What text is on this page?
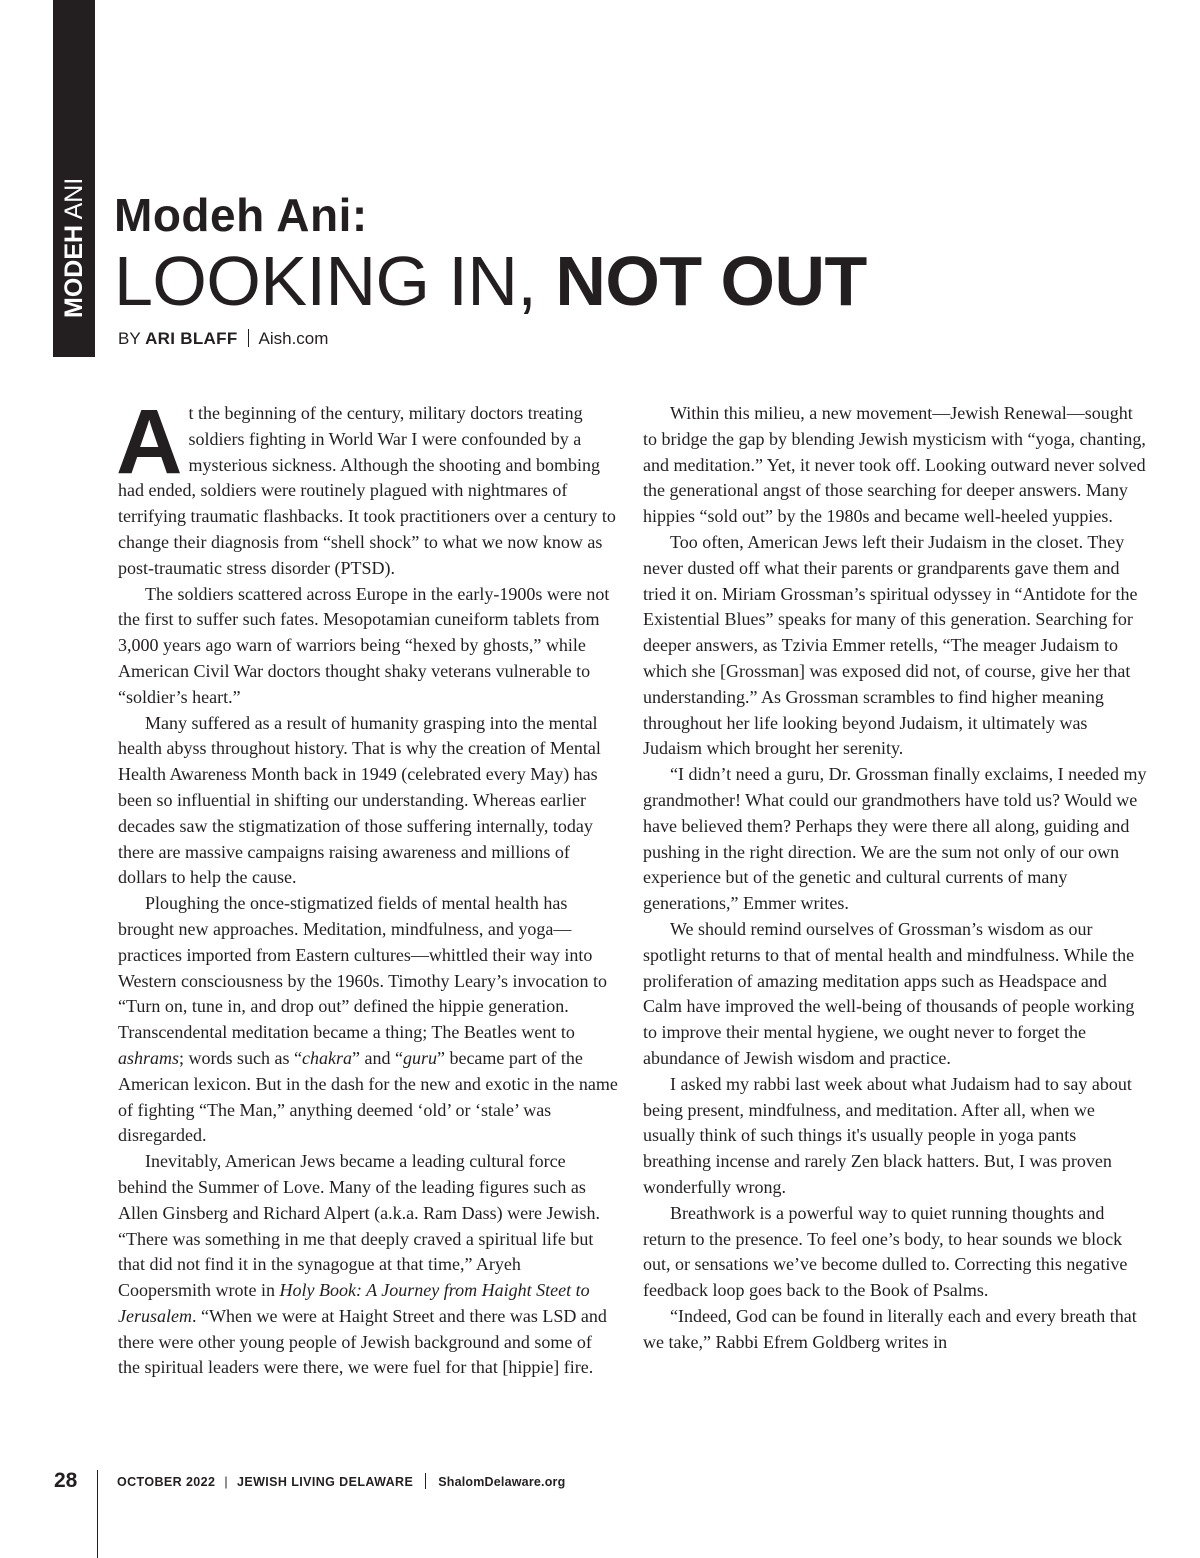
MODEH ANI Modeh Ani:
LOOKING IN, NOT OUT
BY ARI BLAFF Aish.com

At the beginning of the century, military doctors treating soldiers fighting in World War I were confounded by a mysterious sickness. Although the shooting and bombing had ended, soldiers were routinely plagued with nightmares of terrifying traumatic flashbacks. It took practitioners over a century to change their diagnosis from “shell shock” to what we now know as post-traumatic stress disorder (PTSD).

The soldiers scattered across Europe in the early-1900s were not the first to suffer such fates. Mesopotamian cuneiform tablets from 3,000 years ago warn of warriors being “hexed by ghosts,” while American Civil War doctors thought shaky veterans vulnerable to “soldier’s heart.”

Many suffered as a result of humanity grasping into the mental health abyss throughout history. That is why the creation of Mental Health Awareness Month back in 1949 (celebrated every May) has been so influential in shifting our understanding. Whereas earlier decades saw the stigmatization of those suffering internally, today there are massive campaigns raising awareness and millions of dollars to help the cause.

Ploughing the once-stigmatized fields of mental health has brought new approaches. Meditation, mindfulness, and yoga—practices imported from Eastern cultures—whittled their way into Western consciousness by the 1960s. Timothy Leary’s invocation to “Turn on, tune in, and drop out” defined the hippie generation. Transcendental meditation became a thing; The Beatles went to ashrams; words such as “chakra” and “guru” became part of the American lexicon. But in the dash for the new and exotic in the name of fighting “The Man,” anything deemed ‘old’ or ‘stale’ was disregarded.

Inevitably, American Jews became a leading cultural force behind the Summer of Love. Many of the leading figures such as Allen Ginsberg and Richard Alpert (a.k.a. Ram Dass) were Jewish. “There was something in me that deeply craved a spiritual life but that did not find it in the synagogue at that time,” Aryeh Coopersmith wrote in Holy Book: A Journey from Haight Steet to Jerusalem. “When we were at Haight Street and there was LSD and there were other young people of Jewish background and some of the spiritual leaders were there, we were fuel for that [hippie] fire.

Within this milieu, a new movement—Jewish Renewal—sought to bridge the gap by blending Jewish mysticism with “yoga, chanting, and meditation.” Yet, it never took off. Looking outward never solved the generational angst of those searching for deeper answers. Many hippies “sold out” by the 1980s and became well-heeled yuppies.

Too often, American Jews left their Judaism in the closet. They never dusted off what their parents or grandparents gave them and tried it on. Miriam Grossman’s spiritual odyssey in “Antidote for the Existential Blues” speaks for many of this generation. Searching for deeper answers, as Tzivia Emmer retells, “The meager Judaism to which she [Grossman] was exposed did not, of course, give her that understanding.” As Grossman scrambles to find higher meaning throughout her life looking beyond Judaism, it ultimately was Judaism which brought her serenity.

“I didn’t need a guru, Dr. Grossman finally exclaims, I needed my grandmother! What could our grandmothers have told us? Would we have believed them? Perhaps they were there all along, guiding and pushing in the right direction. We are the sum not only of our own experience but of the genetic and cultural currents of many generations,” Emmer writes.

We should remind ourselves of Grossman’s wisdom as our spotlight returns to that of mental health and mindfulness. While the proliferation of amazing meditation apps such as Headspace and Calm have improved the well-being of thousands of people working to improve their mental hygiene, we ought never to forget the abundance of Jewish wisdom and practice.

I asked my rabbi last week about what Judaism had to say about being present, mindfulness, and meditation. After all, when we usually think of such things it's usually people in yoga pants breathing incense and rarely Zen black hatters. But, I was proven wonderfully wrong.

Breathwork is a powerful way to quiet running thoughts and return to the presence. To feel one’s body, to hear sounds we block out, or sensations we’ve become dulled to. Correcting this negative feedback loop goes back to the Book of Psalms.

“Indeed, God can be found in literally each and every breath that we take,” Rabbi Efrem Goldberg writes in

28	OCTOBER 2022 | JEWISH LIVING DELAWARE ShalomDelaware.org
